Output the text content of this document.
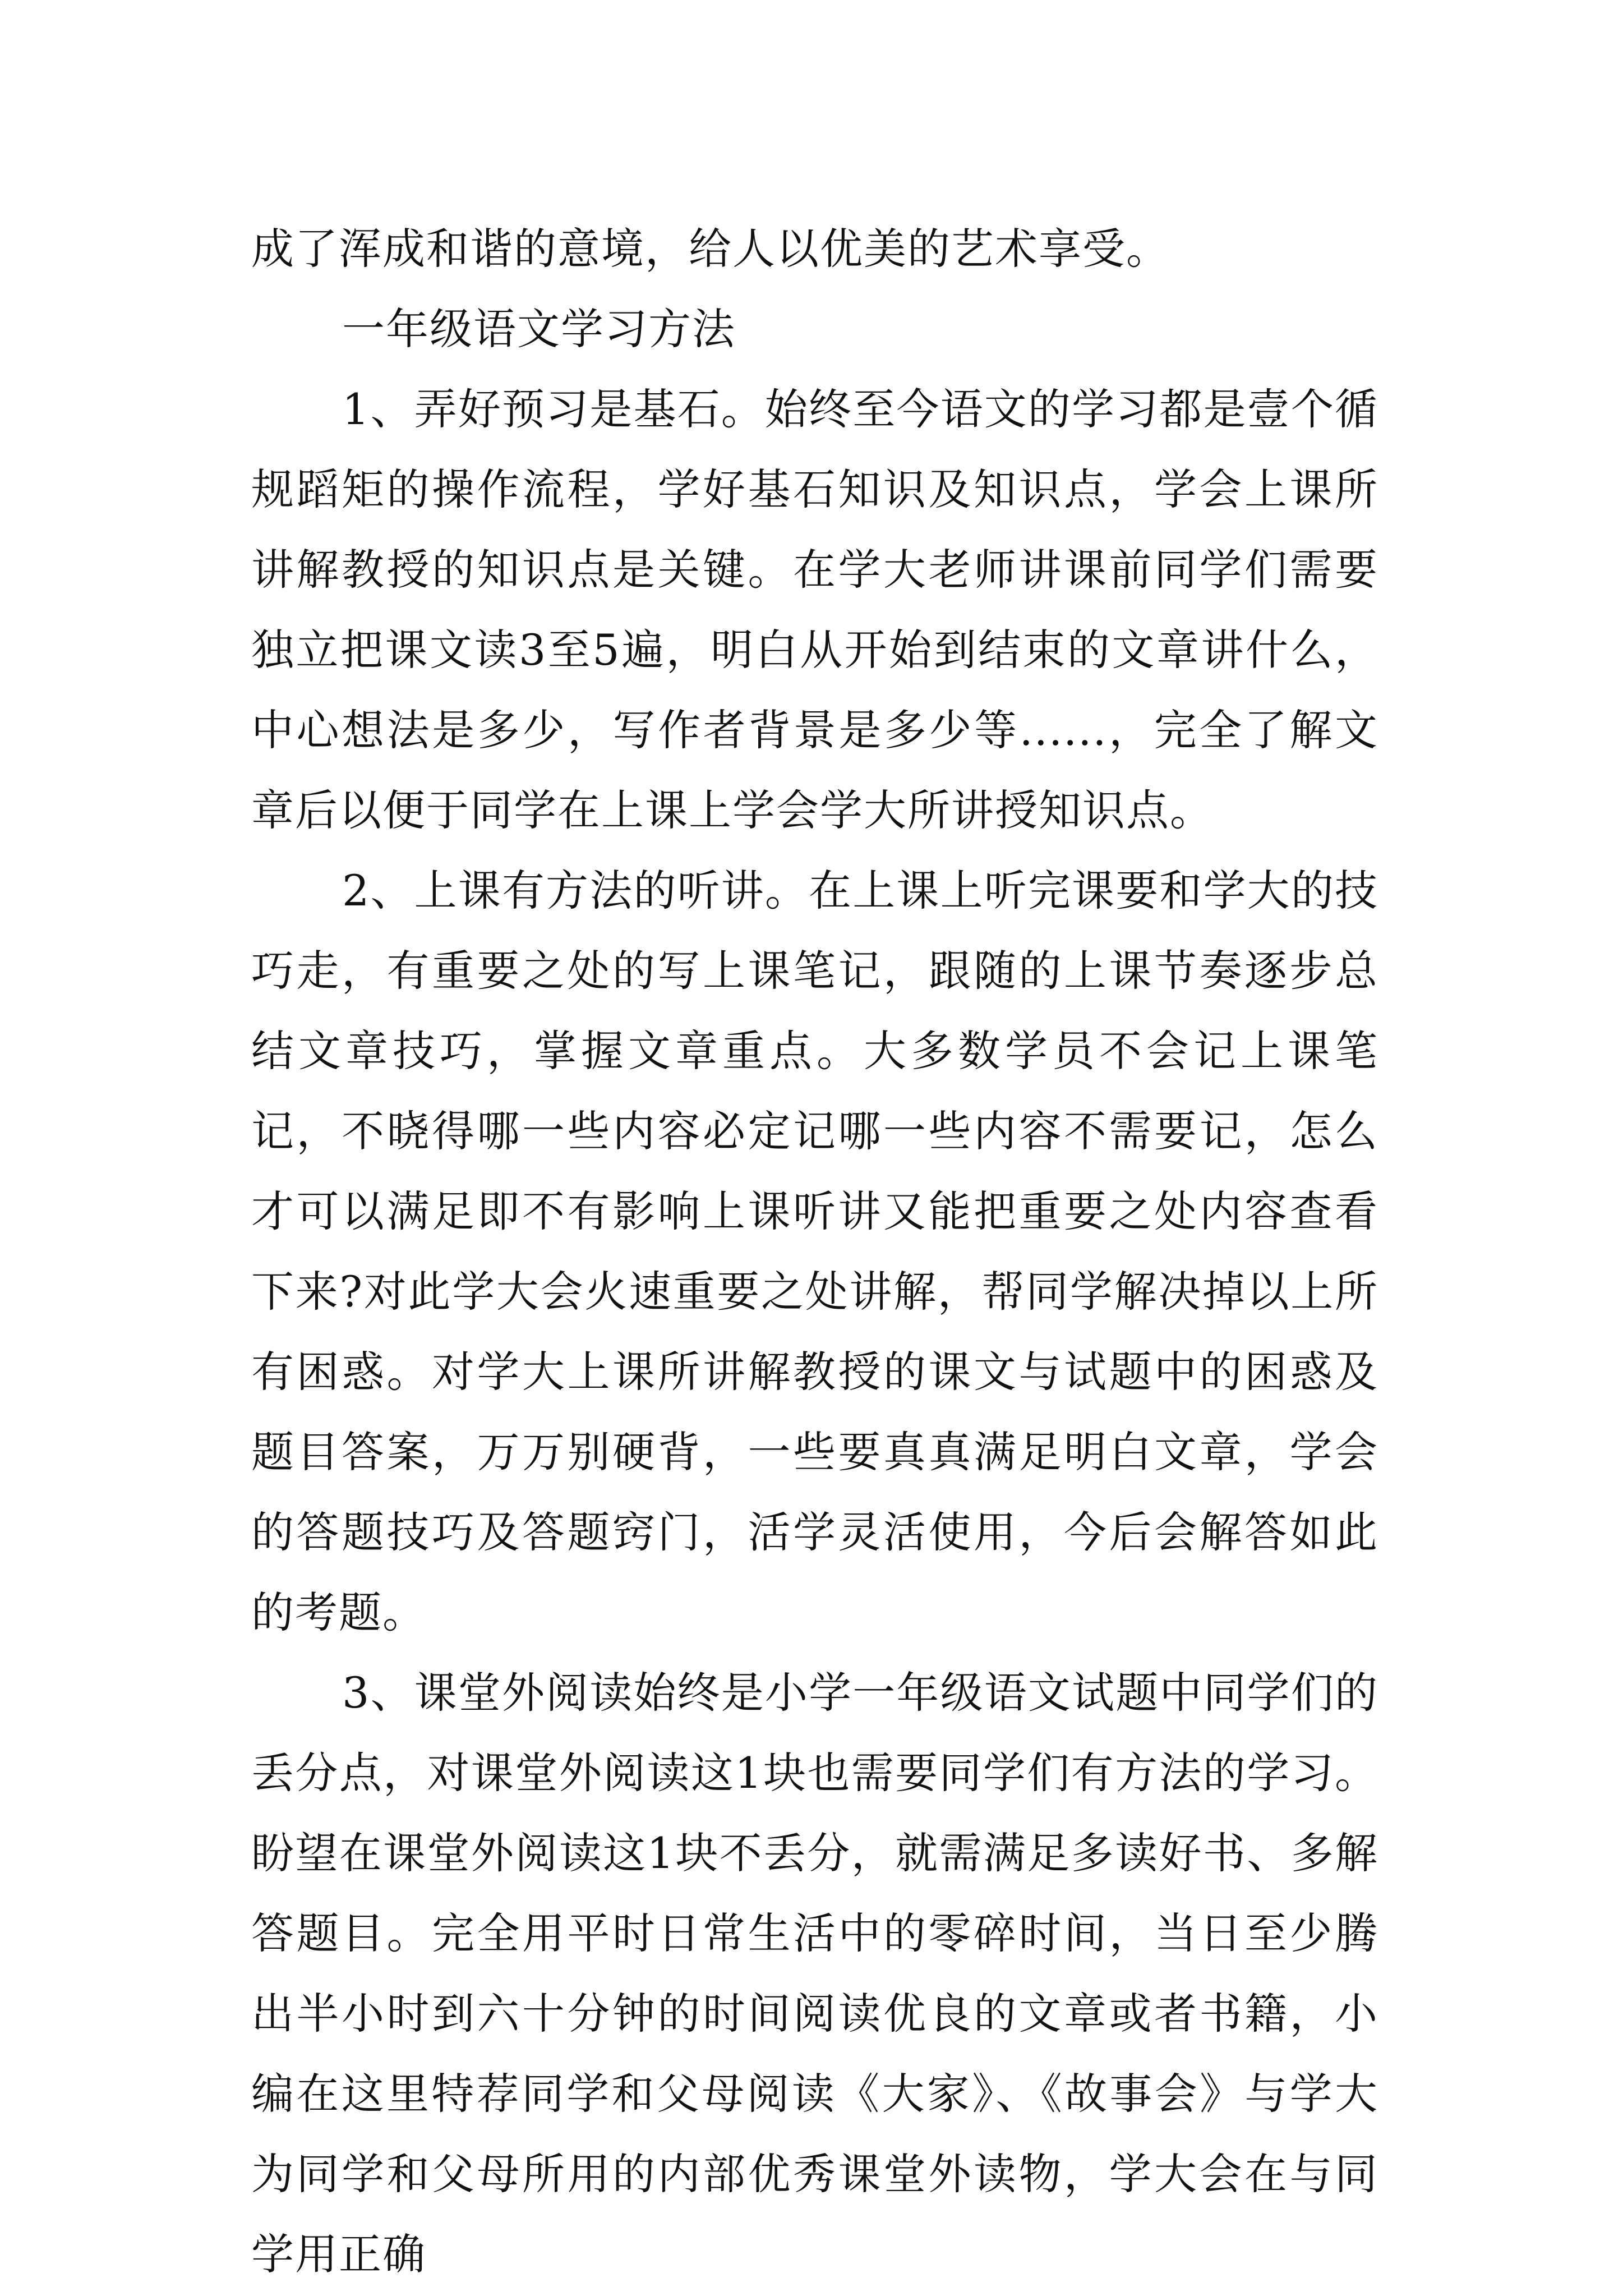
成了浑成和谐的意境，给人以优美的艺术享受。

一年级语文学习方法

1、弄好预习是基石。始终至今语文的学习都是壹个循规蹈矩的操作流程，学好基石知识及知识点，学会上课所讲解教授的知识点是关键。在学大老师讲课前同学们需要独立把课文读3至5遍，明白从开始到结束的文章讲什么，中心想法是多少，写作者背景是多少等......，完全了解文章后以便于同学在上课上学会学大所讲授知识点。

2、上课有方法的听讲。在上课上听完课要和学大的技巧走，有重要之处的写上课笔记，跟随的上课节奏逐步总结文章技巧，掌握文章重点。大多数学员不会记上课笔记，不晓得哪一些内容必定记哪一些内容不需要记，怎么才可以满足即不有影响上课听讲又能把重要之处内容查看下来?对此学大会火速重要之处讲解，帮同学解决掉以上所有困惑。对学大上课所讲解教授的课文与试题中的困惑及题目答案，万万别硬背，一些要真真满足明白文章，学会的答题技巧及答题窍门，活学灵活使用，今后会解答如此的考题。

3、课堂外阅读始终是小学一年级语文试题中同学们的丢分点，对课堂外阅读这1块也需要同学们有方法的学习。盼望在课堂外阅读这1块不丢分，就需满足多读好书、多解答题目。完全用平时日常生活中的零碎时间，当日至少腾出半小时到六十分钟的时间阅读优良的文章或者书籍，小编在这里特荐同学和父母阅读《大家》、《故事会》与学大为同学和父母所用的内部优秀课堂外读物，学大会在与同学用正确
